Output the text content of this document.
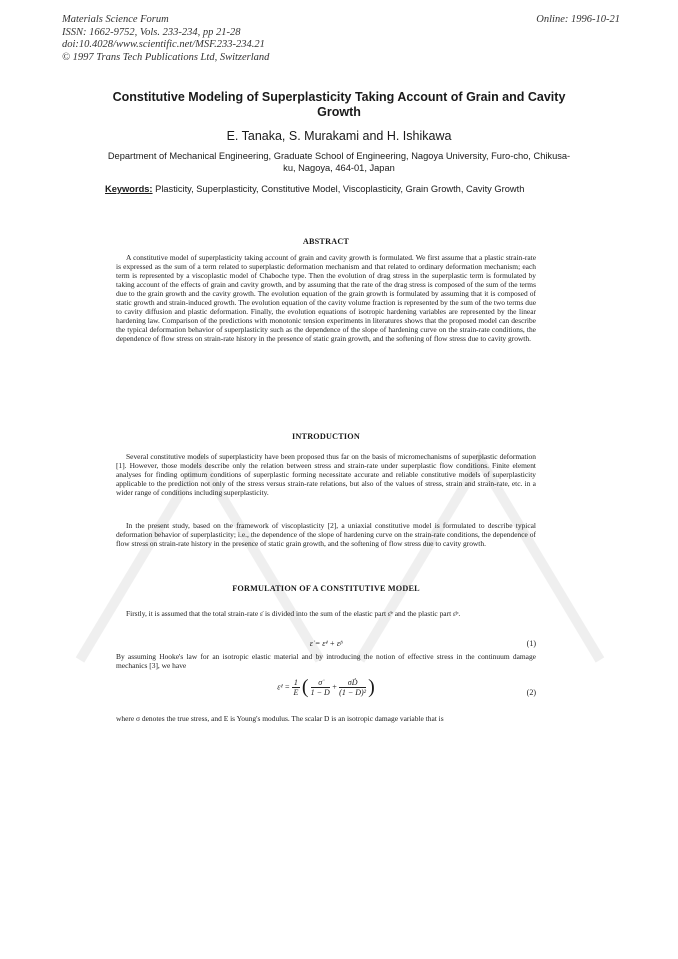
Materials Science Forum
ISSN: 1662-9752, Vols. 233-234, pp 21-28
doi:10.4028/www.scientific.net/MSF.233-234.21
© 1997 Trans Tech Publications Ltd, Switzerland
Online: 1996-10-21
Constitutive Modeling of Superplasticity Taking Account of Grain and Cavity Growth
E. Tanaka, S. Murakami and H. Ishikawa
Department of Mechanical Engineering, Graduate School of Engineering, Nagoya University, Furo-cho, Chikusa-ku, Nagoya, 464-01, Japan
Keywords: Plasticity, Superplasticity, Constitutive Model, Viscoplasticity, Grain Growth, Cavity Growth
ABSTRACT

A constitutive model of superplasticity taking account of grain and cavity growth is formulated. We first assume that a plastic strain-rate is expressed as the sum of a term related to superplastic deformation mechanism and that related to ordinary deformation mechanism; each term is represented by a viscoplastic model of Chaboche type. Then the evolution of drag stress in the superplastic term is formulated by taking account of the effects of grain and cavity growth, and by assuming that the rate of the drag stress is composed of the sum of the terms due to the grain growth and the cavity growth. The evolution equation of the grain growth is formulated by assuming that it is composed of static growth and strain-induced growth. The evolution equation of the cavity volume fraction is represented by the sum of the two terms due to cavity diffusion and plastic deformation. Finally, the evolution equations of isotropic hardening variables are represented by the linear hardening law. Comparison of the predictions with monotonic tension experiments in literatures shows that the proposed model can describe the typical deformation behavior of superplasticity such as the dependence of the slope of hardening curve on the strain-rate conditions, the dependence of flow stress on strain-rate history in the presence of static grain growth, and the softening of flow stress due to cavity growth.

INTRODUCTION

Several constitutive models of superplasticity have been proposed thus far on the basis of micromechanisms of superplastic deformation [1]. However, those models describe only the relation between stress and strain-rate under superplastic flow conditions. Finite element analyses for finding optimum conditions of superplastic forming necessitate accurate and reliable constitutive models of superplasticity applicable to the prediction not only of the stress versus strain-rate relations, but also of the values of stress, strain and strain-rate, etc. in a wider range of conditions including superplasticity.

In the present study, based on the framework of viscoplasticity [2], a uniaxial constitutive model is formulated to describe typical deformation behavior of superplasticity; i.e., the dependence of the slope of hardening curve on the strain-rate conditions, the dependence of flow stress on strain-rate history in the presence of static grain growth, and the softening of flow stress due to cavity growth.

FORMULATION OF A CONSTITUTIVE MODEL

Firstly, it is assumed that the total strain-rate ε̇ is divided into the sum of the elastic part ε̇ᵉ and the plastic part ε̇ᵖ.

ε̇ = ε̇ᵉ + ε̇ᵖ	(1)

By assuming Hooke's law for an isotropic elastic material and by introducing the notion of effective stress in the continuum damage mechanics [3], we have

ε̇ᵉ = $\frac{1}{E}$ ( $\frac{\sigmȧ}{1 - D} + \frac{\text{σḊ}}{\text{(1 − D)²}}$ )	(2)

where σ denotes the true stress, and E is Young's modulus. The scalar D is an isotropic damage variable that is
